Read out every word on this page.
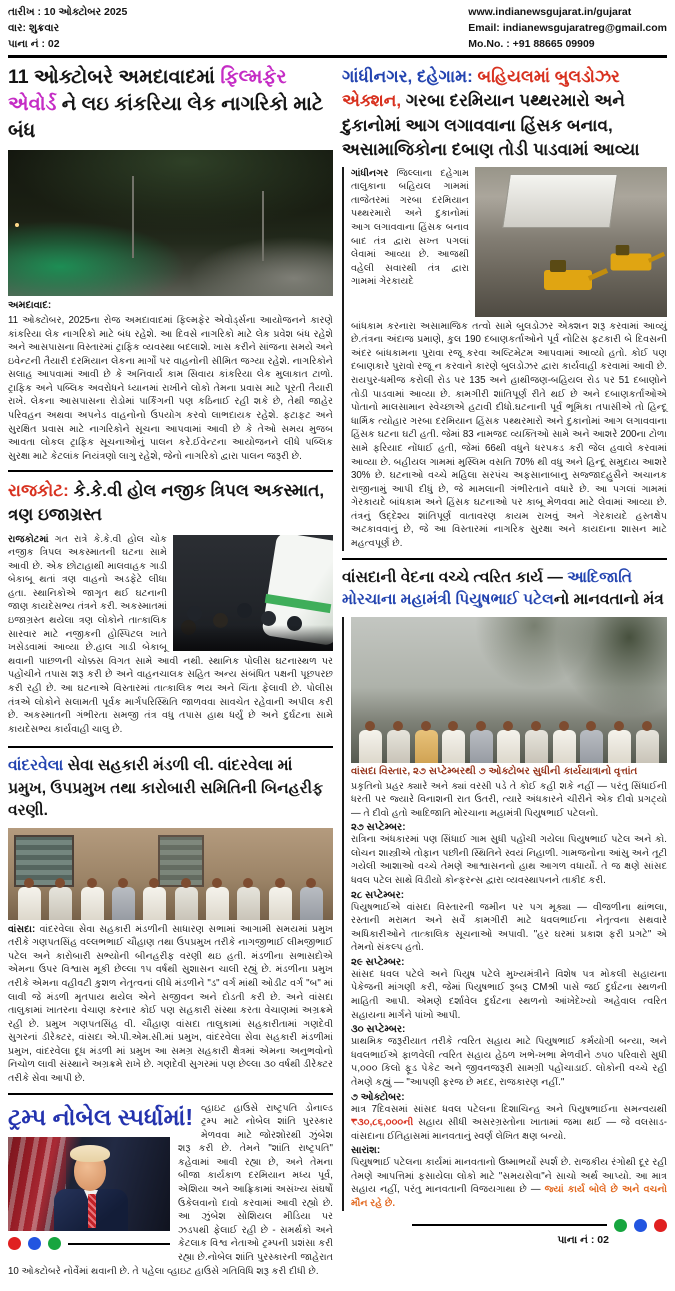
તારીખ : 10 ઓક્ટોબર 2025
વાર: શુક્રવાર
પાના નં : 02
www.indianewsgujarat.in/gujarat
Email: indianewsgujaratreg@gmail.com
Mo.No. : +91 88665 09909
11 ઓક્ટોબરે અમદાવાદમાં ફિલ્મફેર એવોર્ડ ને લઇ કાંકરિયા લેક નાગરિકો માટે બંધ
અમદાવાદ:

11 ઓક્ટોબર, 2025ના રોજ અમદાવાદમાં ફિલ્મફેર એવોર્ડ્સના આયોજનને કારણે કાંકરિયા લેક નાગરિકો માટે બંધ રહેશે. આ દિવસે નાગરિકો માટે લેક પ્રવેશ બંધ રહેશે અને આસપાસના વિસ્તારમાં ટ્રાફિક વ્યવસ્થા બદલાશે. ખાસ કરીને સાંજના સમયે અને ઇવેન્ટની તૈયારી દરમિયાન લેકના માર્ગો પર વાહનોની સીમિત જગ્યા રહેશે. નાગરિકોને સલાહ આપવામાં આવી છે કે અનિવાર્ય કામ સિવાય કાંકરિયા લેક મુલાકાત ટાળો. ટ્રાફિક અને પબ્લિક અવરોધને ધ્યાનમાં રાખીને લોકો તેમના પ્રવાસ માટે પૂરતી તૈયારી રાખે. લેકના આસપાસના રોડોમાં પાર્કિંગની પણ કઠિનાઈ રહી શકે છે, તેથી જાહેર પરિવહન અથવા અપનેડ વાહનોનો ઉપયોગ કરવો લાભદાયક રહેશે. ફટાફટ અને સુરક્ષિત પ્રવાસ માટે નાગરિકોને સૂચના આપવામાં આવી છે કે તેઓ સમય મુજબ આવતા લોકલ ટ્રાફિક સૂચનાઓનું પાલન કરે.ઈવેન્ટના આયોજનને લીધે પબ્લિક સુરક્ષા માટે કેટલાંક નિયંત્રણો લાગુ રહેશે, જેનો નાગરિકો દ્વારા પાલન જરૂરી છે.

રાજકોટ: કે.કે.વી હોલ નજીક ત્રિપલ અકસ્માત, ત્રણ ઇજાગ્રસ્ત

રાજકોટમાં ગત રાત્રે કે.કે.વી હોલ ચોક નજીક ત્રિપલ અકસ્માતની ઘટના સામે આવી છે. એક છોટાહાથી માલવાહક ગાડી બેકાબૂ થતાં ત્રણ વાહનો અડફેટે લીધા હતા. સ્થાનિકોએ જાગૃત થઈ ઘટનાની જાણ કાયદેસભ્ય તંત્રને કરી. અકસ્માતમાં ઇજાગ્રસ્ત થયેલા ત્રણ લોકોને તાત્કાલિક સારવાર માટે નજીકની હોસ્પિટલ ખાતે ખસેડવામાં આવ્યા છે.હાલ ગાડી બેકાબૂ થવાની પાછળની ચોક્કસ વિગત સામે આવી નથી. સ્થાનિક પોલીસ ઘટનાસ્થળ પર પહોંચીને તપાસ શરૂ કરી છે અને વાહનચાલક સહિત અન્ય સંબંધિત પક્ષની પૂછપરછ કરી રહી છે. આ ઘટનાએ વિસ્તારમાં તાત્કાલિક ભય અને ચિંતા ફેલાવી છે. પોલીસ તંત્રએ લોકોને સલામતી પૂર્વક માર્ગપરિસ્થિતિ જાળવવા સાવચેત રહેવાની અપીલ કરી છે. અકસ્માતની ગંભીરતા સમજી તંત્ર વધુ તપાસ હાથ ધર્યું છે અને દુર્ઘટના સામે કાયદેસભ્ય કાર્યવાહી ચાલુ છે.

વાંદરવેલા સેવા સહકારી મંડળી લી. વાંદરવેલા માં પ્રમુખ, ઉપપ્રમુખ તથા કારોબારી સમિતિની બિનહરીફ વરણી.

વાંસદા: વાંદરવેલા સેવા સહકારી મંડળીની સાધારણ સભામાં આગામી સમયમાં પ્રમુખ તરીકે ગણપતસિંહ વલ્લભભાઈ ચૌહાણ તથા ઉપપ્રમુખ તરીકે નાગજીભાઈ લીમજીભાઈ પટેલ અને કારોબારી સભ્યોની બીનહરીફ વરણી થઇ હતી. મંડળીના સભાસદોએ એમના ઉપર વિશ્વાસ મૂકી છેલ્લા ૧૫ વર્ષથી સુશાસન ચાલી રહ્યું છે. મંડળીના પ્રમુખ તરીકે એમના વહીવટી કુશળ નેતૃત્વનાં લીધે મંડળીને "ડ" વર્ગ માંથી ઓડીટ વર્ગ "બ" માં લાવી જે મંડળી મૃતપાય થયેલ એને સજીવન અને દોડતી કરી છે. અને વાંસદા તાલુકામાં ખાતરના વેચાણ કરનાર કોઈ પણ સહકારી સંસ્થા કરતા વેચાણમાં અગ્રક્રમે રહી છે. પ્રમુખ ગણપતસિંહ વી. ચૌહાણ વાંસદા તાલુકામાં સહકારીતામાં ગણદેવી સુગરનાં ડીરેક્ટર, વાંસદા એ.પી.એમ.સી.માં પ્રમુખ, વાંદરવેલા સેવા સહકારી મંડળીમાં પ્રમુખ, વાંદરવેલા દૂધ મંડળી માં પ્રમુખ આ સમગ્ર સહકારી ક્ષેત્રમાં એમના અનુભવોનો નિચોળ લાવી સંસ્થાને અગ્રક્રમે રાખે છે. ગણદેવી સુગરમાં પણ છેલ્લા ૩૦ વર્ષથી ડીરેક્ટર તરીકે સેવા આપી છે.

ટ્રમ્પ નોબેલ સ્પર્ધામાં! વ્હાઇટ હાઉસે રાષ્ટ્રપતિ ડોનાલ્ડ ટ્રમ્પ માટે નોબેલ શાંતિ પુરસ્કાર મેળવવા માટે જોરશોરથી ઝુંબેશ શરૂ કરી છે. તેમને "શાંતિ રાષ્ટ્રપતિ" કહેવામાં આવી રહ્યા છે, અને તેમના બીજા કાર્યકાળ દરમિયાન મધ્ય પૂર્વ, એશિયા અને આફ્રિકામાં અસંખ્ય સંઘર્ષો ઉકેલવાનો દાવો કરવામાં આવી રહ્યો છે. આ ઝુંબેશ સોશિયલ મીડિયા પર ઝડપથી ફેલાઈ રહી છે - સમર્થકો અને કેટલાક વિશ્વ નેતાઓ ટ્રમ્પની પ્રશંસા કરી રહ્યા છે.નોબેલ શાંતિ પુરસ્કારની જાહેરાત 10 ઓક્ટોબરે નોર્વેમાં થવાની છે. તે પહેલા વ્હાઇટ હાઉસે ગતિવિધિ શરૂ કરી દીધી છે.

ગાંધીનગર, દહેગામ: બહિયલમાં બુલડોઝર એક્શન, ગરબા દરમિયાન પથ્થરમારો અને દુકાનોમાં આગ લગાવવાના હિંસક બનાવ, અસામાજિકોના દબાણ તોડી પાડવામાં આવ્યા

ગાંધીનગર જિલ્લાના દહેગામ તાલુકાના બહિયલ ગામમાં તાજેતરમાં ગરબા દરમિયાન પથ્થરમારો અને દુકાનોમાં આગ લગાવવાના હિંસક બનાવ બાદ તંત્ર દ્વારા સખ્ત પગલાં લેવામાં આવ્યા છે. આજથી વહેલી સવારથી તંત્ર દ્વારા ગામમાં ગેરકાયદે

બાંધકામ કરનારા અસામાજિક તત્વો સામે બુલડોઝર એક્શન શરૂ કરવામાં આવ્યું છે.તંત્રના અંદાજ પ્રમાણે, કુલ 190 દબાણકર્તાઓને પૂર્વ નોટિસ ફટકારી બે દિવસની અંદર બાંધકામના પુરાવા રજૂ કરવા અલ્ટિમેટમ આપવામાં આવ્યો હતો. કોઈ પણ દબાણકારે પુરાવો રજૂ ન કરવાને કારણે બુલડોઝર દ્વારા કાર્યવાહી કરવામાં આવી છે. રાયપુર-ધમીજ કરોલી રોડ પર 135 અને હાથીજણ-બહિયલ રોડ પર 51 દબાણોને તોડી પાડવામાં આવ્યા છે. કામગીરી શાંતિપૂર્ણ રીતે થઈ છે અને દબાણકર્તાઓએ પોતાનો માલસામાન સ્વેચ્છાએ હટાવી દીધો.ઘટનાની પૂર્વ ભૂમિકા તપાસીએ તો હિન્દૂ ધાર્મિક ત્યોહાર ગરબા દરમિયાન હિંસક પથ્થરમારો અને દુકાનોમાં આગ લગાવવાના હિંસક ઘટના ઘટી હતી. જેમાં 83 નામજદ વ્યક્તિઓ સામે અને આશરે 200ના ટોળા સામે ફરિયાદ નોંધાઈ હતી, જેમાં 66થી વધુને ધરપકડ કરી જેલ હવાલે કરવામાં આવ્યા છે. બહીયલ ગામમાં મુસ્લિમ વસતિ 70% થી વધુ અને હિન્દૂ સમુદાય આશરે 30% છે. ઘટનાઓ વચ્ચે મહિલા સરપંચ અફસાનાબાનુ સજ્જાદહુસૈને અચાનક રાજીનામું આપી દીધું છે, જે મામલાની ગંભીરતાને વધારે છે. આ પગલાં ગામમાં ગેરકાયદે બાંધકામ અને હિંસક ઘટનાઓ પર કાબૂ મેળવવા માટે લેવામાં આવ્યા છે. તંત્રનું ઉદ્દેશ્ય શાંતિપૂર્ણ વાતાવરણ કાયમ રાખવું અને ગેરકાયદે હસ્તક્ષેપ અટકાવવાનું છે, જે આ વિસ્તારમાં નાગરિક સુરક્ષા અને કાયદાના શાસન માટે મહત્વપૂર્ણ છે.

વાંસદાની વેદના વચ્ચે ત્વરિત કાર્ય — આદિજાતિ મોરચાના મહામંત્રી પિયુષભાઈ પટેલનો માનવતાનો મંત્ર
વાંસદા વિસ્તાર, ૨૭ સપ્ટેમ્બરથી ૭ ઓક્ટોબર સુધીની કાર્યયાત્રાનો વૃત્તાંત

પ્રકૃતિનો પ્રહર ક્યારે અને ક્યાં વરસી પડે તે કોઈ કહી શકે નહીં — પરંતુ સિંધાઈની ધરતી પર જ્યારે વિનાશની રાત ઉતરી, ત્યારે અંધકારને ચીરીને એક દીવો પ્રગટ્યો — તે દીવો હતો આદિજાતિ મોરચાના મહામંત્રી પિયુષભાઈ પટેલનો.

૨૭ સપ્ટેમ્બર:

રાત્રિના અંધકારમાં પણ સિંધાઈ ગામ સુધી પહોંચી ગયેલા પિયુષભાઈ પટેલ અને કો. લોચન શાસ્ત્રીએ તોફાન પછીની સ્થિતિને સ્વયં નિહાળી. ગામજનોના આંસુ અને તૂટી ગયેલી આશાઓ વચ્ચે તેમણે આશ્વાસનનો હાથ આગળ વધાર્યો. તે જ ક્ષણે સાંસદ ધવલ પટેલ સાથે વિડીયો કોન્ફરન્સ દ્વારા વ્યવસ્થાપનને તાકીદ કરી.

૨૮ સપ્ટેમ્બર:

પિયુષભાઈએ વાંસદા વિસ્તારની જમીન પર પગ મૂક્યા — વીજળીના થાંભલા, રસ્તાની મરામત અને સર્વે કામગીરી માટે ધવલભાઈના નેતૃત્વના સથવારે અધિકારીઓને તાત્કાલિક સૂચનાઓ અપાવી. "હર ઘરમાં પ્રકાશ ફરી પ્રગટે" એ તેમનો સંકલ્પ હતો.

૨૯ સપ્ટેમ્બર:

સાંસદ ધવલ પટેલે અને પિયુષ પટેલે મુખ્યમંત્રીને વિશેષ પત્ર મોકલી સહાયના પેકેજની માંગણી કરી, જેમાં પિયુષભાઈ રૂબરૂ CMશ્રી પાસે જઈ દુર્ઘટના સ્થળની માહિતી આપી. એમણે દર્શાવેલ દુર્ઘટના સ્થળનો આંખેદેખ્યો અહેવાલ ત્વરિત સહાયના માર્ગને પાંખો આપી.

૩૦ સપ્ટેમ્બર:

પ્રાથમિક જરૂરીયાત તરીકે ત્વરિત સહાય માટે પિયુષભાઈ કર્મયોગી બન્યા, અને ધવલભાઈએ ફાળવેલી ત્વરિત સહાય હેઠળ ખભે-ખભા મેળવીને ૭૫૦ પરિવારો સુધી ૫,૦૦૦ કિલો ફૂડ પેકેટ અને જીવનજરૂરી સામગ્રી પહોંચાડાઈ. લોકોની વચ્ચે રહી તેમણે કહ્યું — "આપણી ફરજ છે મદદ, રાજકારણ નહીં."

૭ ઓક્ટોબર:

માત્ર 7દિવસમાં સાંસદ ધવલ પટેલના દિશાચિન્હ અને પિયુષભાઈના સમન્વયથી ₹૩૦,૮૬,૦૦૦ની સહાય સીધી અસરગ્રસ્તોના ખાતામાં જમા થઈ — જે વલસાડ-વાંસદાના ઈતિહાસમાં માનવતાનું સ્વર્ણ લેખિત ક્ષણ બન્યો.

સારાંશ:

પિયુષભાઈ પટેલના કાર્યમાં માનવતાનો ઉષ્માભર્યો સ્પર્શ છે. રાજકીય રંગોથી દૂર રહી તેમણે આપત્તિમાં ફસાયેલા લોકો માટે "સમયસેવા"ને સાચો અર્થ આપ્યો. આ માત્ર સહાય નહીં, પરંતુ માનવતાની વિજયગાથા છે — જ્યાં કાર્ય બોલે છે અને વચનો મૌન રહે છે.

પાના નં : 02
